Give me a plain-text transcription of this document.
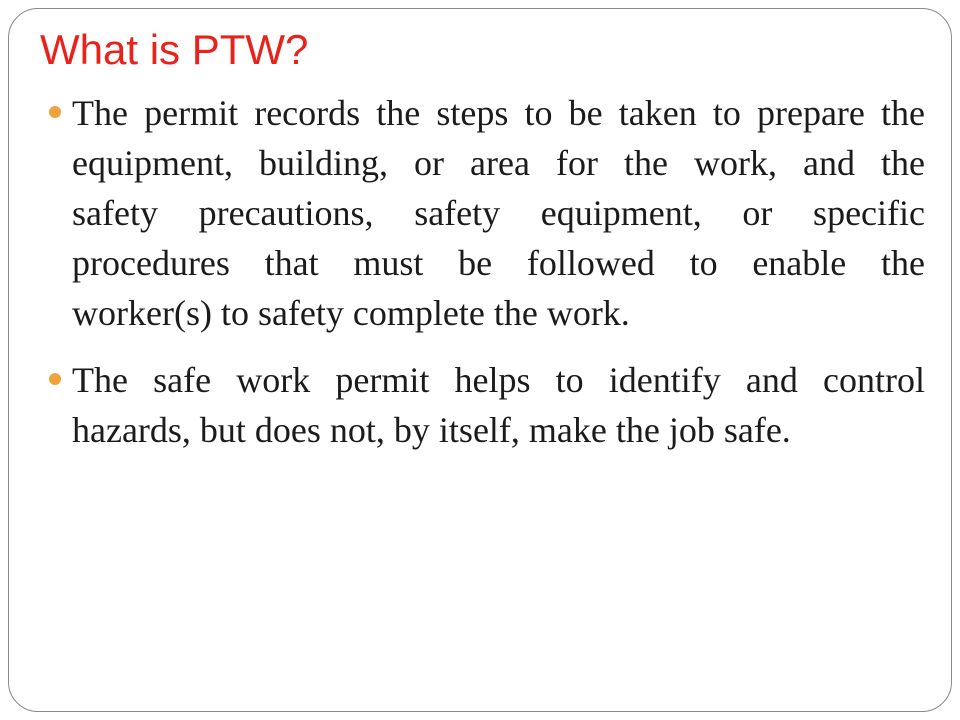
What is PTW?
The permit records the steps to be taken to prepare the
equipment, building, or area for the work, and the
safety precautions, safety equipment, or specific
procedures that must be followed to enable the
worker(s) to safety complete the work.
The safe work permit helps to identify and control
hazards, but does not, by itself, make the job safe.
